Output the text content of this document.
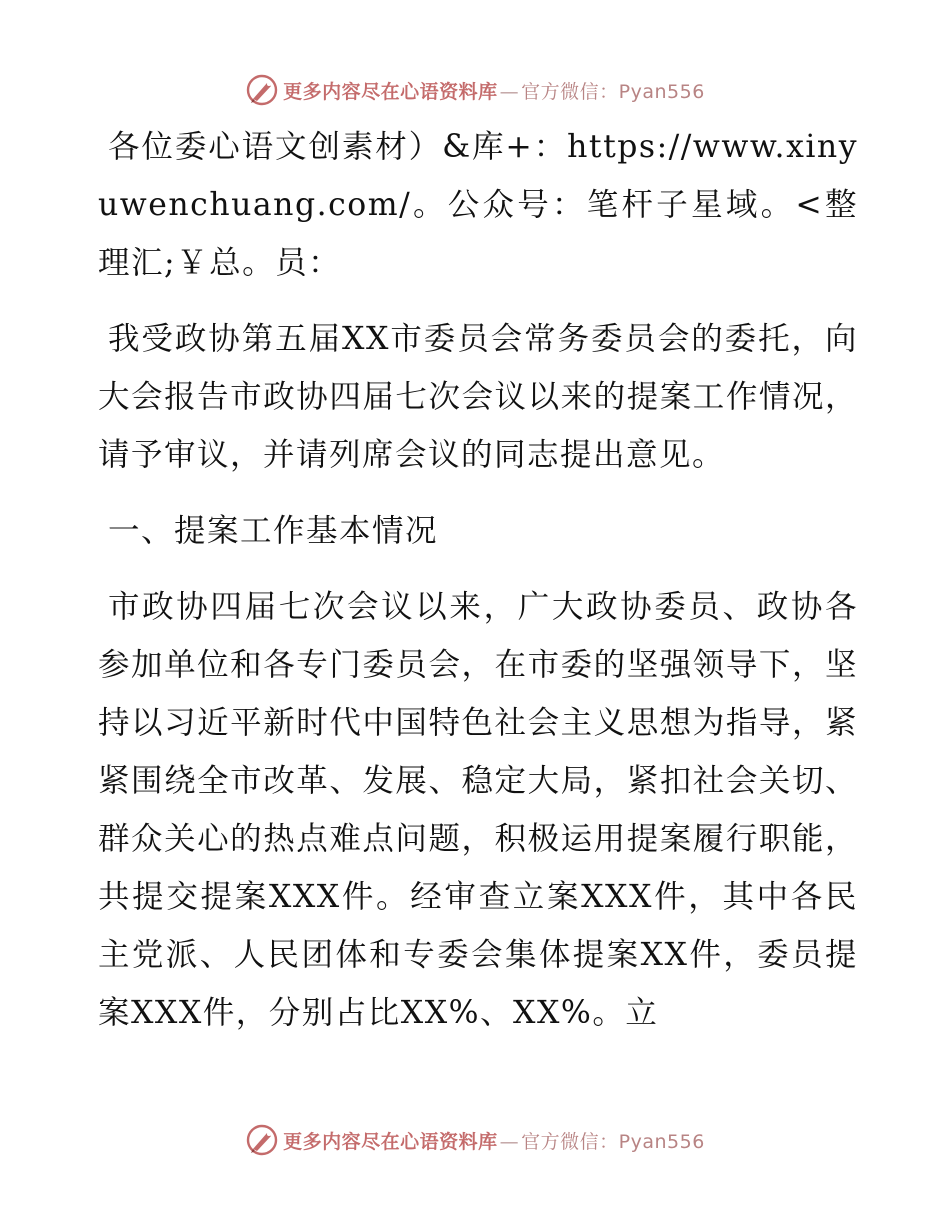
更多内容尽在心语资料库 — 官方微信：Pyan556

各位委心语文创素材）&库+：https://www.xinyuwenchuang.com/。公众号：笔杆子星域。<整理汇;￥总。员：

我受政协第五届XX市委员会常务委员会的委托，向大会报告市政协四届七次会议以来的提案工作情况，请予审议，并请列席会议的同志提出意见。

一、提案工作基本情况

市政协四届七次会议以来，广大政协委员、政协各参加单位和各专门委员会，在市委的坚强领导下，坚持以习近平新时代中国特色社会主义思想为指导，紧紧围绕全市改革、发展、稳定大局，紧扣社会关切、群众关心的热点难点问题，积极运用提案履行职能，共提交提案XXX件。经审查立案XXX件，其中各民主党派、人民团体和专委会集体提案XX件，委员提案XXX件，分别占比XX%、XX%。立

更多内容尽在心语资料库 — 官方微信：Pyan556
